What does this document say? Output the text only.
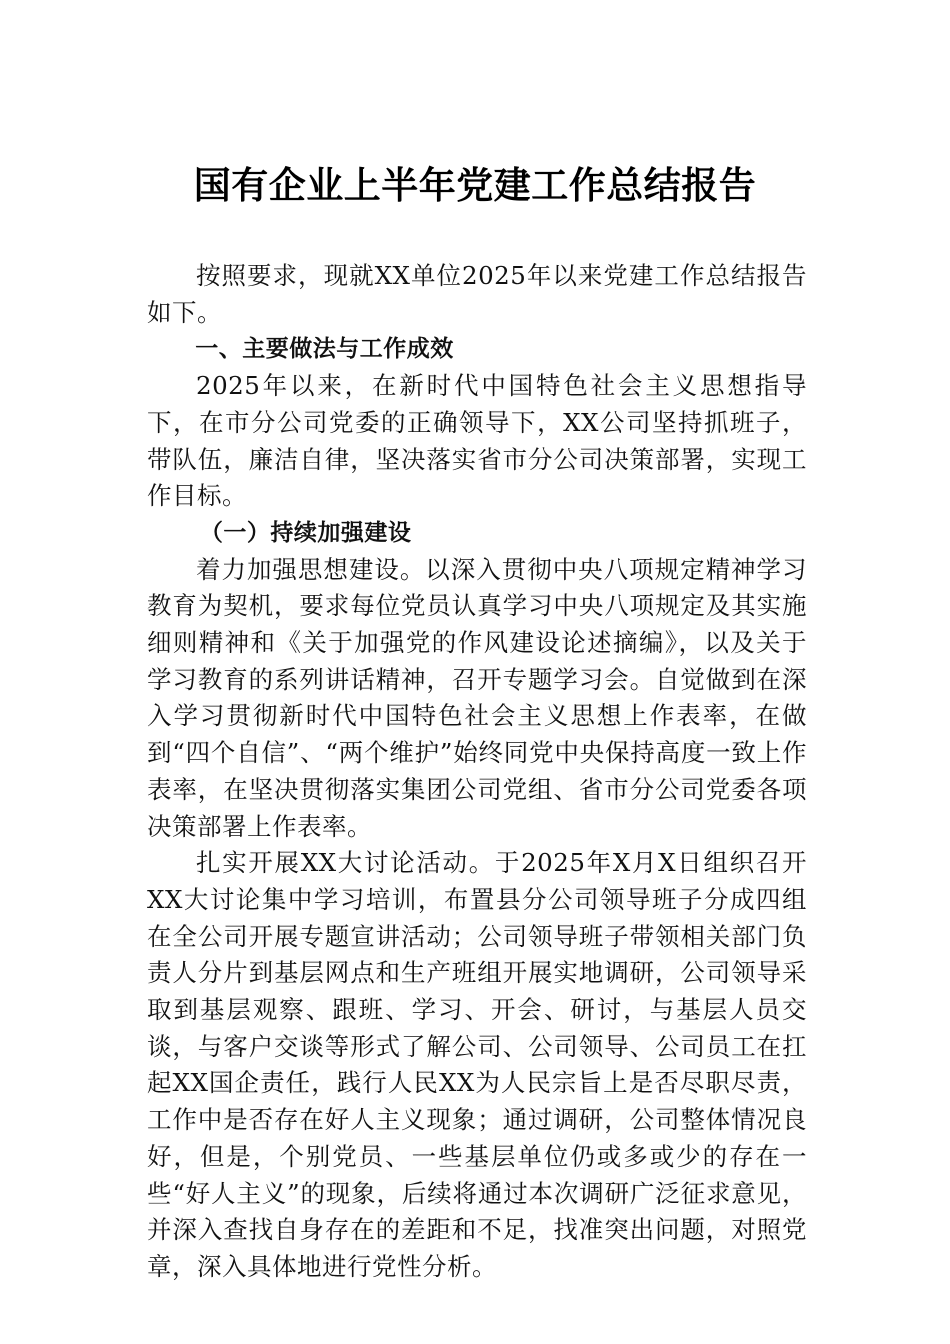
国有企业上半年党建工作总结报告

按照要求，现就XX单位2025年以来党建工作总结报告如下。

一、主要做法与工作成效

2025年以来，在新时代中国特色社会主义思想指导下，在市分公司党委的正确领导下，XX公司坚持抓班子，带队伍，廉洁自律，坚决落实省市分公司决策部署，实现工作目标。

（一）持续加强建设

着力加强思想建设。以深入贯彻中央八项规定精神学习教育为契机，要求每位党员认真学习中央八项规定及其实施细则精神和《关于加强党的作风建设论述摘编》，以及关于学习教育的系列讲话精神，召开专题学习会。自觉做到在深入学习贯彻新时代中国特色社会主义思想上作表率，在做到“四个自信”、“两个维护”始终同党中央保持高度一致上作表率，在坚决贯彻落实集团公司党组、省市分公司党委各项决策部署上作表率。

扎实开展XX大讨论活动。于2025年X月X日组织召开XX大讨论集中学习培训，布置县分公司领导班子分成四组在全公司开展专题宣讲活动；公司领导班子带领相关部门负责人分片到基层网点和生产班组开展实地调研，公司领导采取到基层观察、跟班、学习、开会、研讨，与基层人员交谈，与客户交谈等形式了解公司、公司领导、公司员工在扛起XX国企责任，践行人民XX为人民宗旨上是否尽职尽责，工作中是否存在好人主义现象；通过调研，公司整体情况良好，但是，个别党员、一些基层单位仍或多或少的存在一些“好人主义”的现象，后续将通过本次调研广泛征求意见，并深入查找自身存在的差距和不足，找准突出问题，对照党章，深入具体地进行党性分析。
